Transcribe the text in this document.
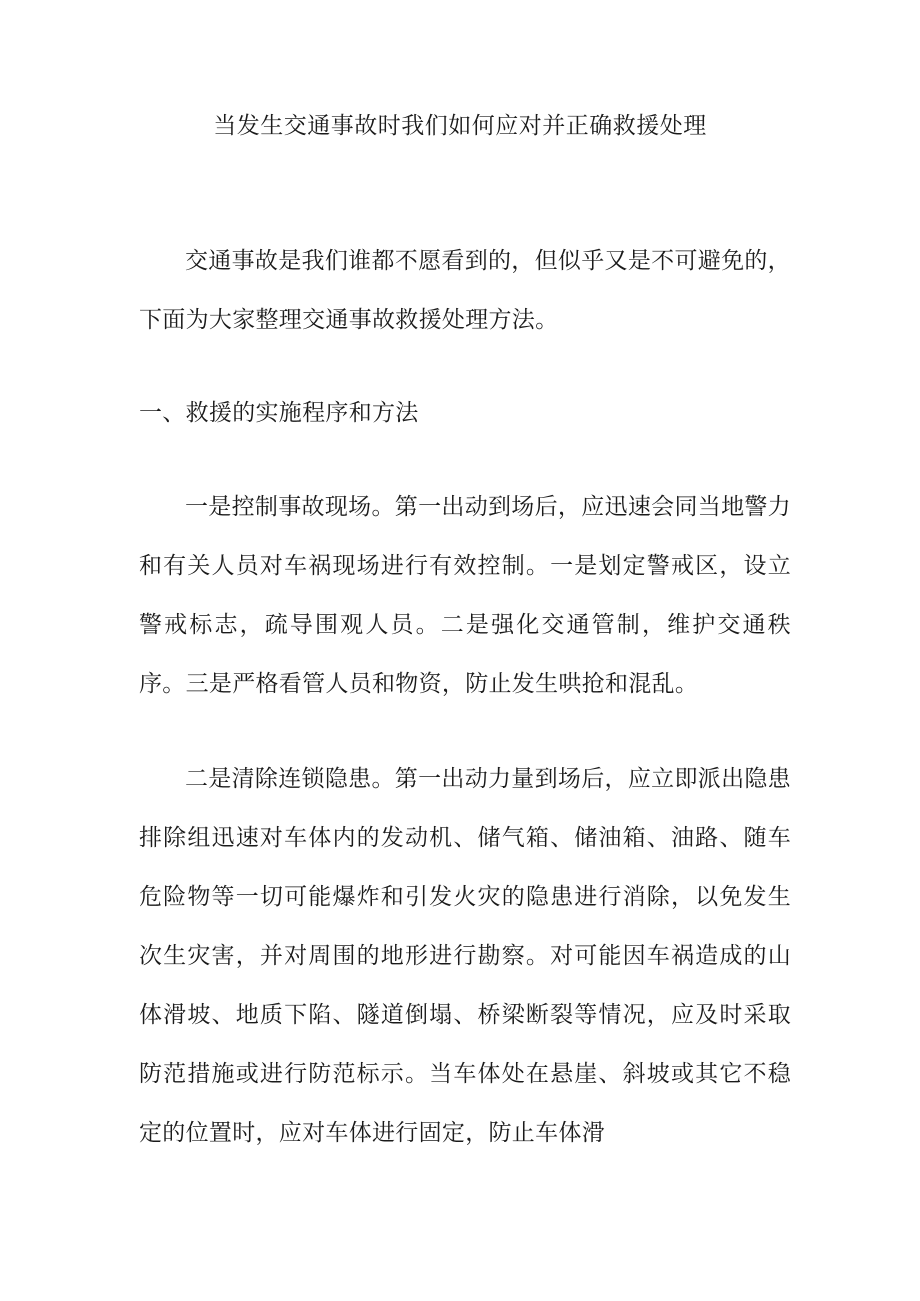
当发生交通事故时我们如何应对并正确救援处理

交通事故是我们谁都不愿看到的，但似乎又是不可避免的，下面为大家整理交通事故救援处理方法。

一、救援的实施程序和方法

一是控制事故现场。第一出动到场后，应迅速会同当地警力和有关人员对车祸现场进行有效控制。一是划定警戒区，设立警戒标志，疏导围观人员。二是强化交通管制，维护交通秩序。三是严格看管人员和物资，防止发生哄抢和混乱。

二是清除连锁隐患。第一出动力量到场后，应立即派出隐患排除组迅速对车体内的发动机、储气箱、储油箱、油路、随车危险物等一切可能爆炸和引发火灾的隐患进行消除，以免发生次生灾害，并对周围的地形进行勘察。对可能因车祸造成的山体滑坡、地质下陷、隧道倒塌、桥梁断裂等情况，应及时采取防范措施或进行防范标示。当车体处在悬崖、斜坡或其它不稳定的位置时，应对车体进行固定，防止车体滑
